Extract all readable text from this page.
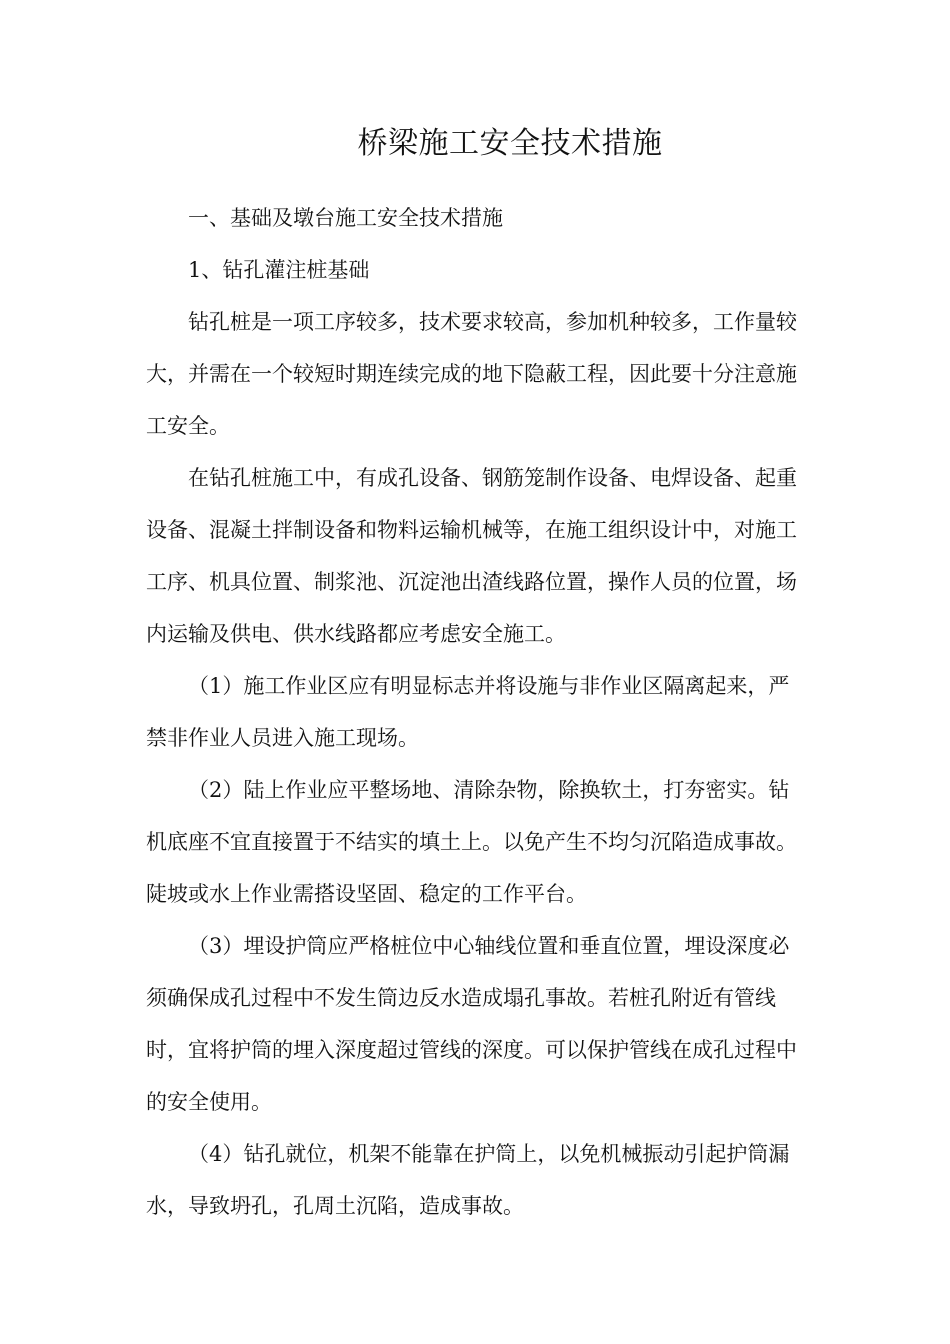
桥梁施工安全技术措施

一、基础及墩台施工安全技术措施

1、钻孔灌注桩基础

钻孔桩是一项工序较多，技术要求较高，参加机种较多，工作量较大，并需在一个较短时期连续完成的地下隐蔽工程，因此要十分注意施工安全。

在钻孔桩施工中，有成孔设备、钢筋笼制作设备、电焊设备、起重设备、混凝土拌制设备和物料运输机械等，在施工组织设计中，对施工工序、机具位置、制浆池、沉淀池出渣线路位置，操作人员的位置，场内运输及供电、供水线路都应考虑安全施工。

（1）施工作业区应有明显标志并将设施与非作业区隔离起来，严禁非作业人员进入施工现场。

（2）陆上作业应平整场地、清除杂物，除换软土，打夯密实。钻机底座不宜直接置于不结实的填土上。以免产生不均匀沉陷造成事故。陡坡或水上作业需搭设坚固、稳定的工作平台。

（3）埋设护筒应严格桩位中心轴线位置和垂直位置，埋设深度必须确保成孔过程中不发生筒边反水造成塌孔事故。若桩孔附近有管线时，宜将护筒的埋入深度超过管线的深度。可以保护管线在成孔过程中的安全使用。

（4）钻孔就位，机架不能靠在护筒上，以免机械振动引起护筒漏水，导致坍孔，孔周土沉陷，造成事故。
